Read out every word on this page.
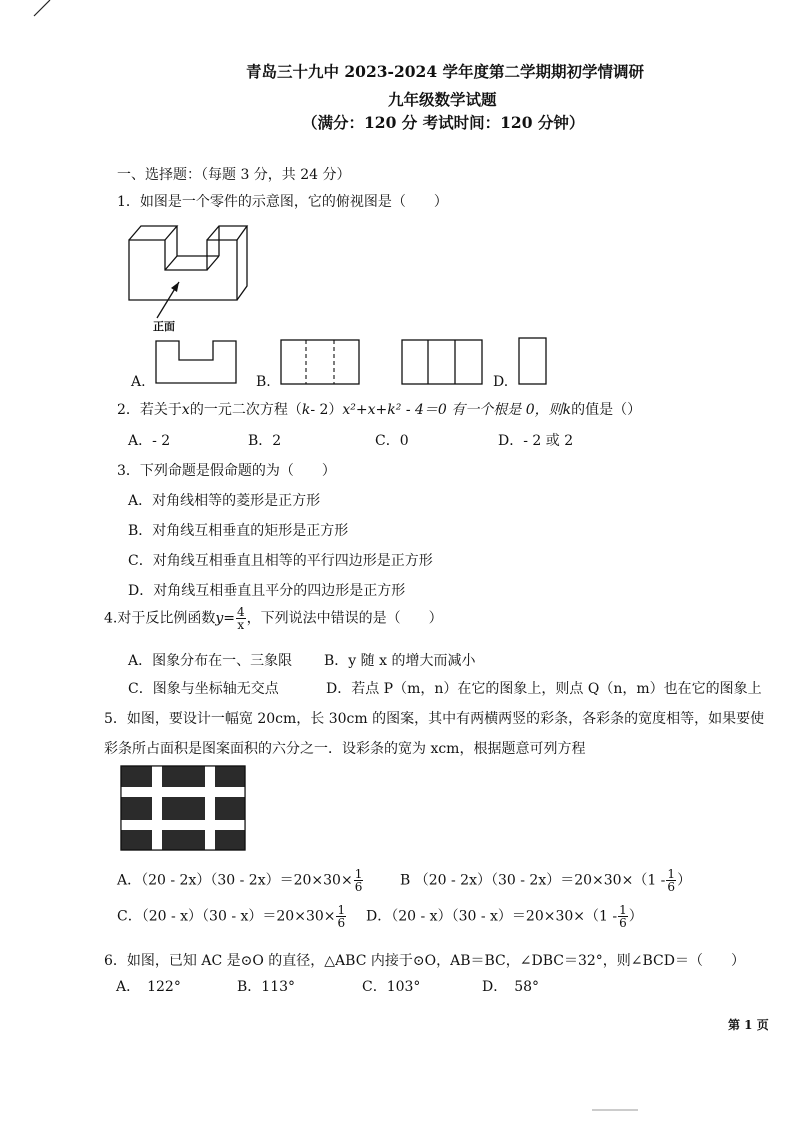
青岛三十九中 2023-2024 学年度第二学期期初学情调研
九年级数学试题
（满分：120 分 考试时间：120 分钟）
一、选择题：（每题 3 分，共 24 分）
1．如图是一个零件的示意图，它的俯视图是（　　）
正面
A.	B.	D.
2．若关于x的一元二次方程（k- 2）x²+x+k² - 4＝0 有一个根是 0，则k的值是（）
A．- 2	B．2	C．0	D．- 2 或 2
3．下列命题是假命题的为（　　）
A．对角线相等的菱形是正方形
B．对角线互相垂直的矩形是正方形
C．对角线互相垂直且相等的平行四边形是正方形
D．对角线互相垂直且平分的四边形是正方形
4.对于反比例函数$y= \frac{4}{x}$ ，下列说法中错误的是（　　）
A．图象分布在一、三象限 B．y 随 x 的增大而减小
C．图象与坐标轴无交点	D．若点 P（m，n）在它的图象上，则点 Q（n，m）也在它的图象上
5．如图，要设计一幅宽 20cm，长 30cm 的图案，其中有两横两竖的彩条，各彩条的宽度相等，如果要使
彩条所占面积是图案面积的六分之一．设彩条的宽为 xcm，根据题意可列方程
A．$(20 - 2x)(30 - 2x)=20\times 30\times \frac{1}{6}$	B $(20 - 2x)(30 - 2x)=20\times 30\times(1 - \frac{1}{6}$ ）
C．$(20 - x)(30 - x)=20\times 30\times \frac{1}{6}$ D．$(20 - x)(30 - x)=20\times 30\times(1 - \frac{1}{6}$ ）
6．如图，已知 AC 是⊙O 的直径，△ABC 内接于⊙O，AB＝BC，∠DBC＝32°，则∠BCD＝（　　）
A．　122°	B．113°	C．103°	D．　58°
第 1 页
